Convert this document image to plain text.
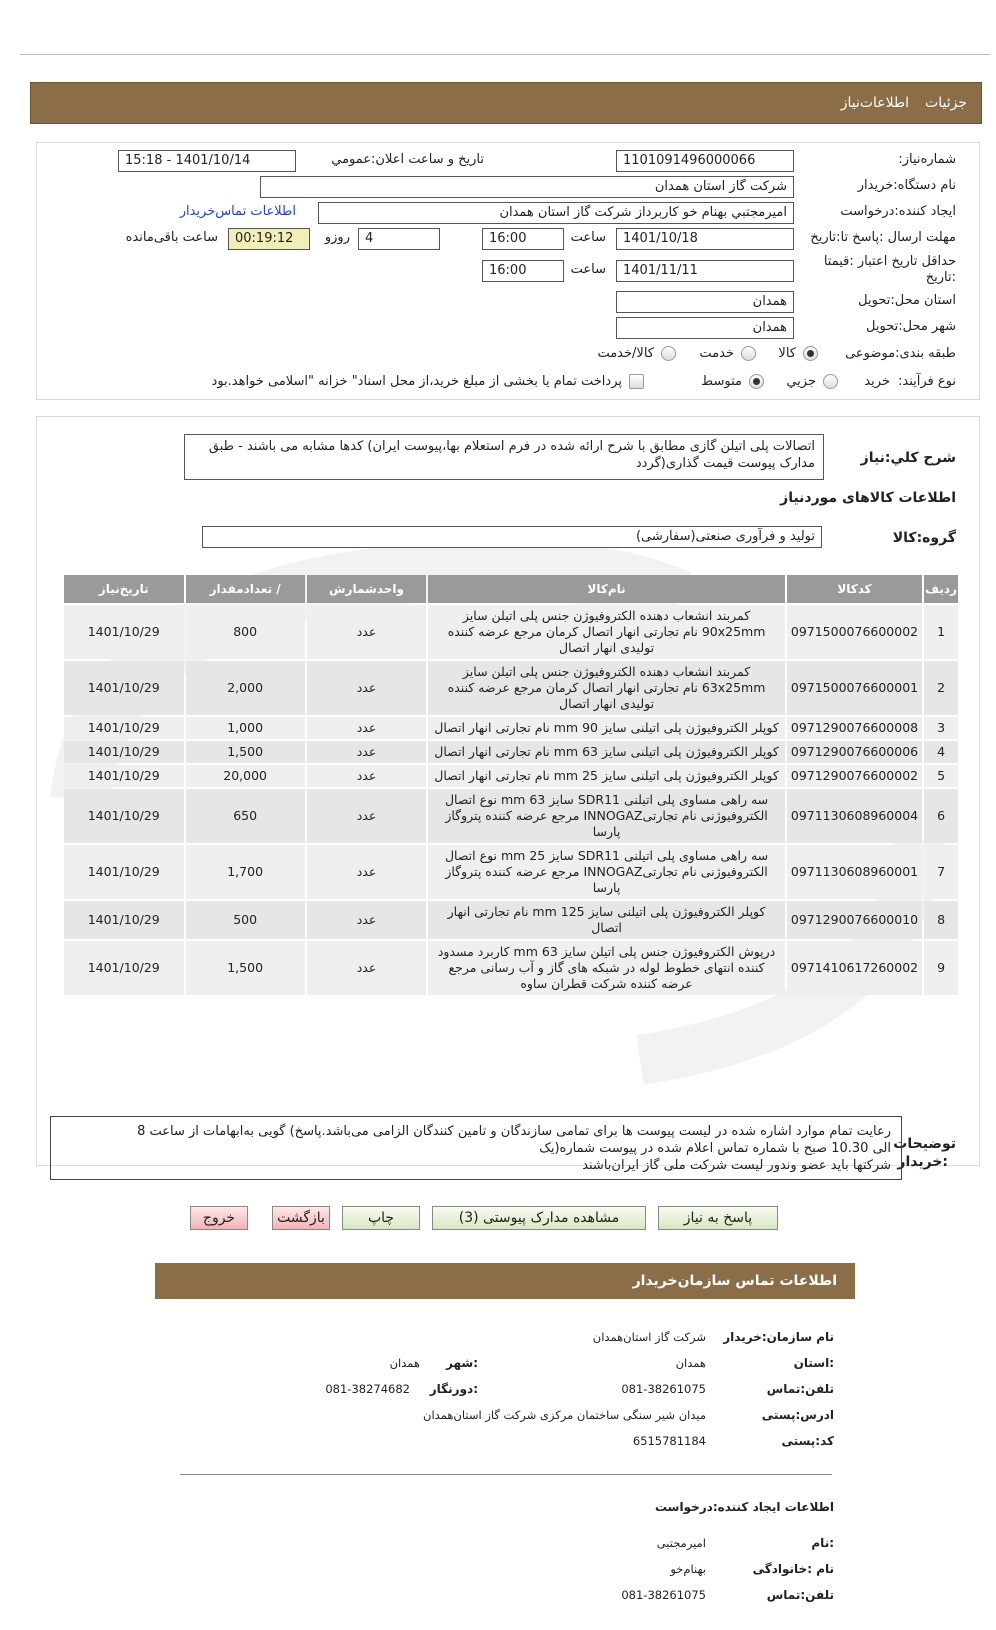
جزئیات
اطلاعات‌نیاز
شماره‌نیاز:
1101091496000066
تاریخ و ساعت اعلان‌:عمومي
1401/10/14 - 15:18
نام دستگاه‌:خریدار
شركت گاز استان همدان
ایجاد کننده‌:درخواست
اميرمجتبي بهنام خو كاربرداز شركت گاز استان همدان
اطلاعات تماس‌خریدار
مهلت ارسال ‌:پاسخ تا‌:تاریخ
1401/10/18
ساعت
16:00
4
روزو
00:19:12
ساعت باقی‌مانده
حداقل تاریخ اعتبار ‌:قیمتا
:تاریخ
1401/11/11
ساعت
16:00
استان محل‌:تحویل
همدان
شهر محل‌:تحویل
همدان
طبقه بندی‌:موضوعی
کالا
خدمت
کالا/خدمت
نوع فرآیند‌:
خرید
جزيي
متوسط
پرداخت تمام یا بخشی از مبلغ خرید،از محل اسناد" خزانه "اسلامی خواهد.بود
شرح کلي‌:نیاز
اتصالات پلی اتيلن گازی مطابق با شرح ارائه شده در فرم استعلام بها،پيوست ايران) کدها مشابه می باشند - طبق
مدارک پيوست قيمت گذاری(گردد
اطلاعات کالاهای موردنیاز
گروه‌:کالا
تولید و فرآوری صنعتی(سفارشی)
ردیف	کدکالا	نام‌کالا	واحدشمارش	/ تعداد‌مقدار	تاریخ‌نیاز
1	0971500076600002	کمربند انشعاب دهنده الکتروفیوژن جنس پلی اتیلن سایز 90x25mm نام تجارتی انهار اتصال کرمان مرجع عرضه کننده تولیدی انهار اتصال	عدد	800	1401/10/29
2	0971500076600001	کمربند انشعاب دهنده الکتروفیوژن جنس پلی اتیلن سایز 63x25mm نام تجارتی انهار اتصال کرمان مرجع عرضه کننده تولیدی انهار اتصال	عدد	2,000	1401/10/29
3	0971290076600008	کوپلر الکتروفیوژن پلی اتیلنی سایز 90 mm نام تجارتی انهار اتصال	عدد	1,000	1401/10/29
4	0971290076600006	کوپلر الکتروفیوژن پلی اتیلنی سایز 63 mm نام تجارتی انهار اتصال	عدد	1,500	1401/10/29
5	0971290076600002	کوپلر الکتروفیوژن پلی اتیلنی سایز 25 mm نام تجارتی انهار اتصال	عدد	20,000	1401/10/29
6	0971130608960004	سه راهی مساوی پلی اتیلنی SDR11 سایز 63 mm نوع اتصال الکتروفیوژنی نام تجارتیINNOGAZ مرجع عرضه کننده پتروگاز پارسا	عدد	650	1401/10/29
7	0971130608960001	سه راهی مساوی پلی اتیلنی SDR11 سایز 25 mm نوع اتصال الکتروفیوژنی نام تجارتیINNOGAZ مرجع عرضه کننده پتروگاز پارسا	عدد	1,700	1401/10/29
8	0971290076600010	کوپلر الکتروفیوژن پلی اتیلنی سایز 125 mm نام تجارتی انهار اتصال	عدد	500	1401/10/29
9	0971410617260002	درپوش الکتروفیوژن جنس پلی اتیلن سایز 63 mm کاربرد مسدود کننده انتهای خطوط لوله در شبکه های گاز و آب رسانی مرجع عرضه کننده شرکت قطران ساوه	عدد	1,500	1401/10/29
توضیحات
:خریدار
رعايت تمام موارد اشاره شده در ليست پيوست ها برای تمامی سازندگان و تامين کنندگان الزامی می‌باشد.پاسخ) گويی به‌ابهامات از ساعت 8
الی 10.30 صبح با شماره تماس اعلام شده در پيوست شماره(يک
شرکتها بايد عضو وندور ليست شرکت ملی گاز ايران‌باشند
پاسخ به نیاز
مشاهده مدارک پیوستی (3)
چاپ
بازگشت
خروج
اطلاعات تماس سازمان‌خریدار
نام سازمان‌:خریدار
شركت گاز استان‌همدان
:استان
همدان
:شهر
همدان
تلفن‌:تماس
081-38261075
:دورنگار
081-38274682
ادرس‌:پستی
ميدان شير سنگی ساختمان مرکزی شرکت گاز استان‌همدان
کد‌:پستی
6515781184
اطلاعات ایجاد کننده‌:درخواست
:نام
اميرمجتبی
نام ‌:خانوادگی
بهنام‌خو
تلفن‌:تماس
081-38261075
